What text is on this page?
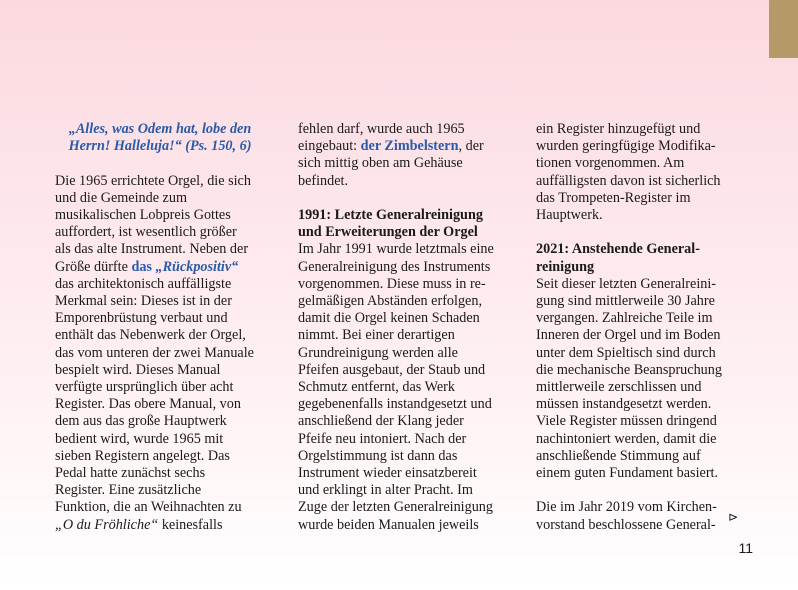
„Alles, was Odem hat, lobe den
Herrn! Halleluja!“ (Ps. 150, 6)
Die 1965 errichtete Orgel, die sich
und die Gemeinde zum
musikalischen Lobpreis Gottes
auffordert, ist wesentlich größer
als das alte Instrument. Neben der
Größe dürfte das „Rückpositiv“
das architektonisch auffälligste
Merkmal sein: Dieses ist in der
Emporenbrüstung verbaut und
enthält das Nebenwerk der Orgel,
das vom unteren der zwei Manuale
bespielt wird. Dieses Manual
verfügte ursprünglich über acht
Register. Das obere Manual, von
dem aus das große Hauptwerk
bedient wird, wurde 1965 mit
sieben Registern angelegt. Das
Pedal hatte zunächst sechs
Register. Eine zusätzliche
Funktion, die an Weihnachten zu
„O du Fröhliche“ keinesfalls
fehlen darf, wurde auch 1965
eingebaut: der Zimbelstern, der
sich mittig oben am Gehäuse
befindet.
1991: Letzte Generalreinigung
und Erweiterungen der Orgel
Im Jahr 1991 wurde letztmals eine
Generalreinigung des Instruments
vorgenommen. Diese muss in re-
gelmäßigen Abständen erfolgen,
damit die Orgel keinen Schaden
nimmt. Bei einer derartigen
Grundreinigung werden alle
Pfeifen ausgebaut, der Staub und
Schmutz entfernt, das Werk
gegebenenfalls instandgesetzt und
anschließend der Klang jeder
Pfeife neu intoniert. Nach der
Orgelstimmung ist dann das
Instrument wieder einsatzbereit
und erklingt in alter Pracht. Im
Zuge der letzten Generalreinigung
wurde beiden Manualen jeweils
ein Register hinzugefügt und
wurden geringfügige Modifika-
tionen vorgenommen. Am
auffälligsten davon ist sicherlich
das Trompeten-Register im
Hauptwerk.
2021: Anstehende General-
reinigung
Seit dieser letzten Generalreini-
gung sind mittlerweile 30 Jahre
vergangen. Zahlreiche Teile im
Inneren der Orgel und im Boden
unter dem Spieltisch sind durch
die mechanische Beanspruchung
mittlerweile zerschlissen und
müssen instandgesetzt werden.
Viele Register müssen dringend
nachintoniert werden, damit die
anschließende Stimmung auf
einem guten Fundament basiert.
Die im Jahr 2019 vom Kirchen-
vorstand beschlossene General-	⊳
11
